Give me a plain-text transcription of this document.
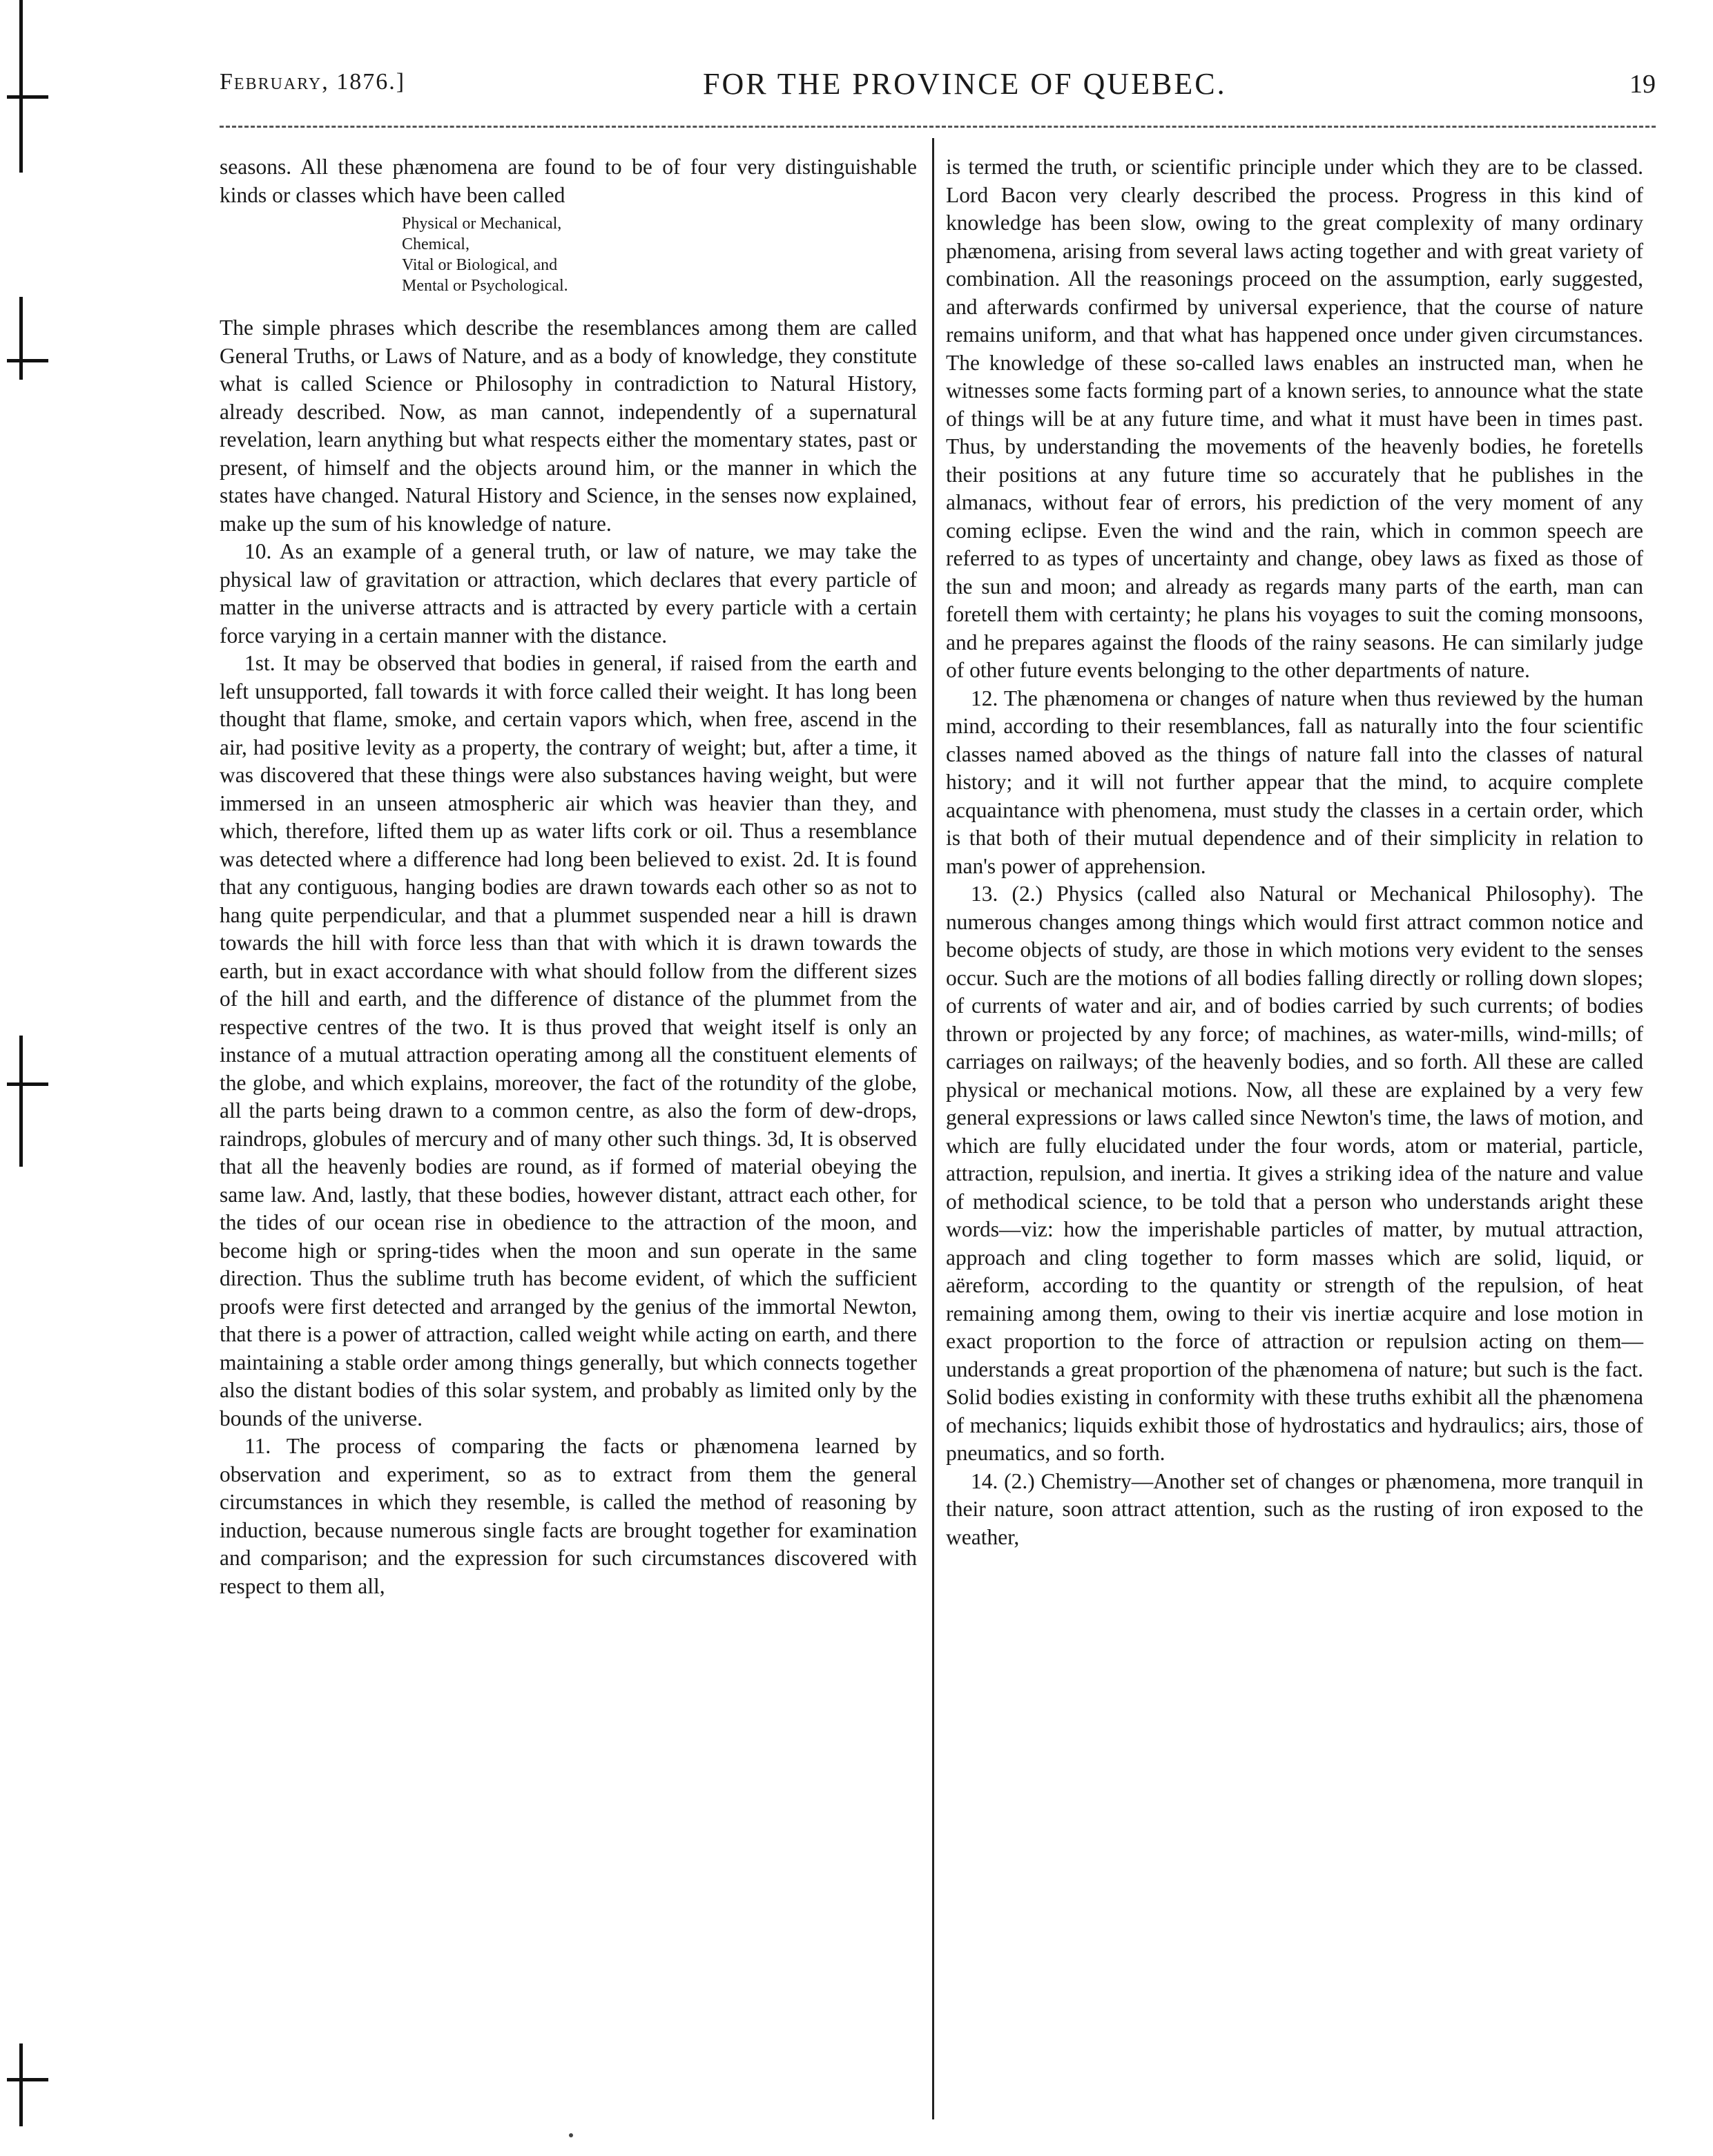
February, 1876.]	FOR THE PROVINCE OF QUEBEC.	19

seasons. All these phænomena are found to be of four very distinguishable kinds or classes which have been called

Physical or Mechanical,
Chemical,
Vital or Biological, and
Mental or Psychological.

The simple phrases which describe the resemblances among them are called General Truths, or Laws of Nature, and as a body of knowledge, they constitute what is called Science or Philosophy in contradiction to Natural History, already described. Now, as man cannot, independently of a supernatural revelation, learn anything but what respects either the momentary states, past or present, of himself and the objects around him, or the manner in which the states have changed. Natural History and Science, in the senses now explained, make up the sum of his knowledge of nature.

10. As an example of a general truth, or law of nature, we may take the physical law of gravitation or attraction, which declares that every particle of matter in the universe attracts and is attracted by every particle with a certain force varying in a certain manner with the distance.

1st. It may be observed that bodies in general, if raised from the earth and left unsupported, fall towards it with force called their weight. It has long been thought that flame, smoke, and certain vapors which, when free, ascend in the air, had positive levity as a property, the contrary of weight; but, after a time, it was discovered that these things were also substances having weight, but were immersed in an unseen atmospheric air which was heavier than they, and which, therefore, lifted them up as water lifts cork or oil. Thus a resemblance was detected where a difference had long been believed to exist. 2d. It is found that any contiguous, hanging bodies are drawn towards each other so as not to hang quite perpendicular, and that a plummet suspended near a hill is drawn towards the hill with force less than that with which it is drawn towards the earth, but in exact accordance with what should follow from the different sizes of the hill and earth, and the difference of distance of the plummet from the respective centres of the two. It is thus proved that weight itself is only an instance of a mutual attraction operating among all the constituent elements of the globe, and which explains, moreover, the fact of the rotundity of the globe, all the parts being drawn to a common centre, as also the form of dew-drops, raindrops, globules of mercury and of many other such things. 3d, It is observed that all the heavenly bodies are round, as if formed of material obeying the same law. And, lastly, that these bodies, however distant, attract each other, for the tides of our ocean rise in obedience to the attraction of the moon, and become high or spring-tides when the moon and sun operate in the same direction. Thus the sublime truth has become evident, of which the sufficient proofs were first detected and arranged by the genius of the immortal Newton, that there is a power of attraction, called weight while acting on earth, and there maintaining a stable order among things generally, but which connects together also the distant bodies of this solar system, and probably as limited only by the bounds of the universe.

11. The process of comparing the facts or phænomena learned by observation and experiment, so as to extract from them the general circumstances in which they resemble, is called the method of reasoning by induction, because numerous single facts are brought together for examination and comparison; and the expression for such circumstances discovered with respect to them all,

is termed the truth, or scientific principle under which they are to be classed. Lord Bacon very clearly described the process. Progress in this kind of knowledge has been slow, owing to the great complexity of many ordinary phænomena, arising from several laws acting together and with great variety of combination. All the reasonings proceed on the assumption, early suggested, and afterwards confirmed by universal experience, that the course of nature remains uniform, and that what has happened once under given circumstances. The knowledge of these so-called laws enables an instructed man, when he witnesses some facts forming part of a known series, to announce what the state of things will be at any future time, and what it must have been in times past. Thus, by understanding the movements of the heavenly bodies, he foretells their positions at any future time so accurately that he publishes in the almanacs, without fear of errors, his prediction of the very moment of any coming eclipse. Even the wind and the rain, which in common speech are referred to as types of uncertainty and change, obey laws as fixed as those of the sun and moon; and already as regards many parts of the earth, man can foretell them with certainty; he plans his voyages to suit the coming monsoons, and he prepares against the floods of the rainy seasons. He can similarly judge of other future events belonging to the other departments of nature.

12. The phænomena or changes of nature when thus reviewed by the human mind, according to their resemblances, fall as naturally into the four scientific classes named aboved as the things of nature fall into the classes of natural history; and it will not further appear that the mind, to acquire complete acquaintance with phenomena, must study the classes in a certain order, which is that both of their mutual dependence and of their simplicity in relation to man's power of apprehension.

13. (2.) Physics (called also Natural or Mechanical Philosophy). The numerous changes among things which would first attract common notice and become objects of study, are those in which motions very evident to the senses occur. Such are the motions of all bodies falling directly or rolling down slopes; of currents of water and air, and of bodies carried by such currents; of bodies thrown or projected by any force; of machines, as water-mills, wind-mills; of carriages on railways; of the heavenly bodies, and so forth. All these are called physical or mechanical motions. Now, all these are explained by a very few general expressions or laws called since Newton's time, the laws of motion, and which are fully elucidated under the four words, atom or material, particle, attraction, repulsion, and inertia. It gives a striking idea of the nature and value of methodical science, to be told that a person who understands aright these words—viz: how the imperishable particles of matter, by mutual attraction, approach and cling together to form masses which are solid, liquid, or aëreform, according to the quantity or strength of the repulsion, of heat remaining among them, owing to their vis inertiæ acquire and lose motion in exact proportion to the force of attraction or repulsion acting on them—understands a great proportion of the phænomena of nature; but such is the fact. Solid bodies existing in conformity with these truths exhibit all the phænomena of mechanics; liquids exhibit those of hydrostatics and hydraulics; airs, those of pneumatics, and so forth.

14. (2.) Chemistry—Another set of changes or phænomena, more tranquil in their nature, soon attract attention, such as the rusting of iron exposed to the weather,
